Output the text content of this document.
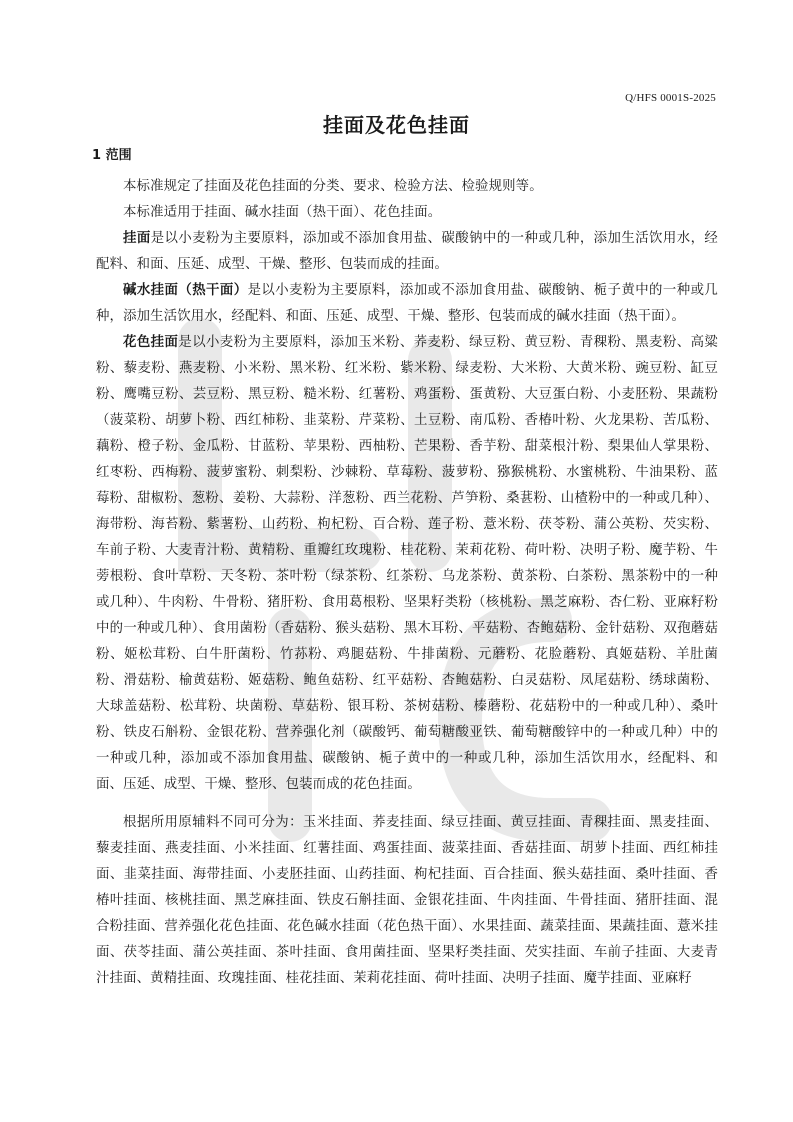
Q/HFS 0001S-2025
挂面及花色挂面
1 范围

本标准规定了挂面及花色挂面的分类、要求、检验方法、检验规则等。

本标准适用于挂面、碱水挂面（热干面）、花色挂面。

挂面是以小麦粉为主要原料，添加或不添加食用盐、碳酸钠中的一种或几种，添加生活饮用水，经配料、和面、压延、成型、干燥、整形、包装而成的挂面。

碱水挂面（热干面）是以小麦粉为主要原料，添加或不添加食用盐、碳酸钠、栀子黄中的一种或几种，添加生活饮用水，经配料、和面、压延、成型、干燥、整形、包装而成的碱水挂面（热干面）。

花色挂面是以小麦粉为主要原料，添加玉米粉、荞麦粉、绿豆粉、黄豆粉、青稞粉、黑麦粉、高粱粉、藜麦粉、燕麦粉、小米粉、黑米粉、红米粉、紫米粉、绿麦粉、大米粉、大黄米粉、豌豆粉、缸豆粉、鹰嘴豆粉、芸豆粉、黑豆粉、糙米粉、红薯粉、鸡蛋粉、蛋黄粉、大豆蛋白粉、小麦胚粉、果蔬粉（菠菜粉、胡萝卜粉、西红柿粉、韭菜粉、芹菜粉、土豆粉、南瓜粉、香椿叶粉、火龙果粉、苦瓜粉、藕粉、橙子粉、金瓜粉、甘蓝粉、苹果粉、西柚粉、芒果粉、香芋粉、甜菜根汁粉、梨果仙人掌果粉、红枣粉、西梅粉、菠萝蜜粉、刺梨粉、沙棘粉、草莓粉、菠萝粉、猕猴桃粉、水蜜桃粉、牛油果粉、蓝莓粉、甜椒粉、葱粉、姜粉、大蒜粉、洋葱粉、西兰花粉、芦笋粉、桑葚粉、山楂粉中的一种或几种）、海带粉、海苔粉、紫薯粉、山药粉、枸杞粉、百合粉、莲子粉、薏米粉、茯苓粉、蒲公英粉、芡实粉、车前子粉、大麦青汁粉、黄精粉、重瓣红玫瑰粉、桂花粉、茉莉花粉、荷叶粉、决明子粉、魔芋粉、牛蒡根粉、食叶草粉、天冬粉、茶叶粉（绿茶粉、红茶粉、乌龙茶粉、黄茶粉、白茶粉、黑茶粉中的一种或几种）、牛肉粉、牛骨粉、猪肝粉、食用葛根粉、坚果籽类粉（核桃粉、黑芝麻粉、杏仁粉、亚麻籽粉中的一种或几种）、食用菌粉（香菇粉、猴头菇粉、黑木耳粉、平菇粉、杏鲍菇粉、金针菇粉、双孢蘑菇粉、姬松茸粉、白牛肝菌粉、竹荪粉、鸡腿菇粉、牛排菌粉、元蘑粉、花脸蘑粉、真姬菇粉、羊肚菌粉、滑菇粉、榆黄菇粉、姬菇粉、鲍鱼菇粉、红平菇粉、杏鲍菇粉、白灵菇粉、凤尾菇粉、绣球菌粉、大球盖菇粉、松茸粉、块菌粉、草菇粉、银耳粉、茶树菇粉、榛蘑粉、花菇粉中的一种或几种）、桑叶粉、铁皮石斛粉、金银花粉、营养强化剂（碳酸钙、葡萄糖酸亚铁、葡萄糖酸锌中的一种或几种）中的一种或几种，添加或不添加食用盐、碳酸钠、栀子黄中的一种或几种，添加生活饮用水，经配料、和面、压延、成型、干燥、整形、包装而成的花色挂面。

根据所用原辅料不同可分为：玉米挂面、荞麦挂面、绿豆挂面、黄豆挂面、青稞挂面、黑麦挂面、藜麦挂面、燕麦挂面、小米挂面、红薯挂面、鸡蛋挂面、菠菜挂面、香菇挂面、胡萝卜挂面、西红柿挂面、韭菜挂面、海带挂面、小麦胚挂面、山药挂面、枸杞挂面、百合挂面、猴头菇挂面、桑叶挂面、香椿叶挂面、核桃挂面、黑芝麻挂面、铁皮石斛挂面、金银花挂面、牛肉挂面、牛骨挂面、猪肝挂面、混合粉挂面、营养强化花色挂面、花色碱水挂面（花色热干面）、水果挂面、蔬菜挂面、果蔬挂面、薏米挂面、茯苓挂面、蒲公英挂面、茶叶挂面、食用菌挂面、坚果籽类挂面、芡实挂面、车前子挂面、大麦青汁挂面、黄精挂面、玫瑰挂面、桂花挂面、茉莉花挂面、荷叶挂面、决明子挂面、魔芋挂面、亚麻籽
